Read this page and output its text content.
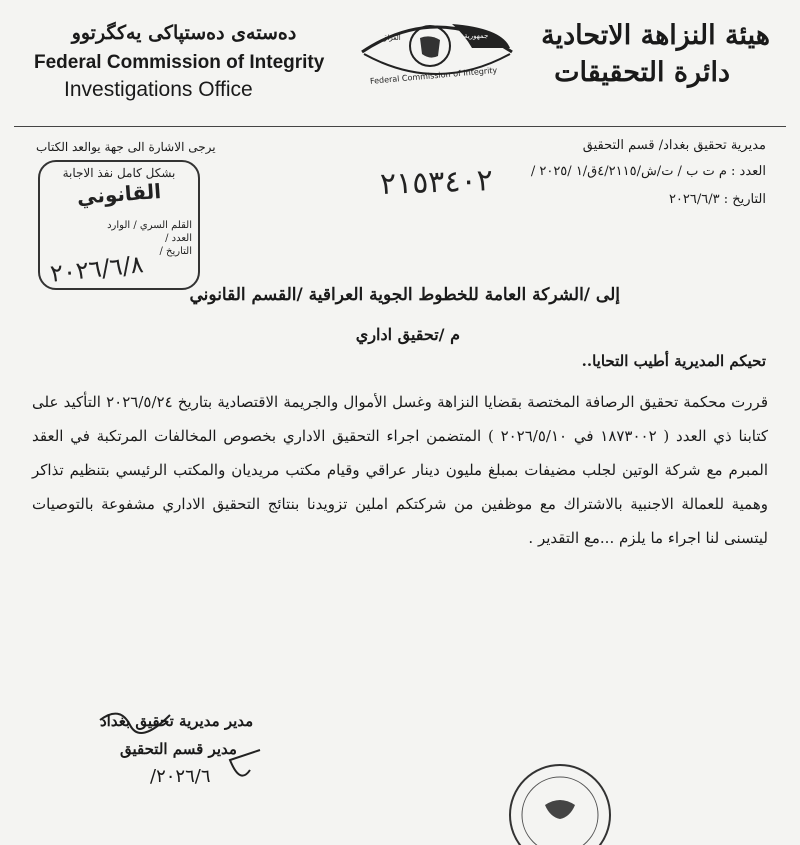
دەستەی دەستپاکی یەکگرتوو
Federal Commission of Integrity
Investigations Office
جمهورية
العراق
Federal Commission of Integrity
هيئة النزاهة الاتحادية
دائرة التحقيقات
مديرية تحقيق بغداد/ قسم التحقيق
العدد : م ت ب / ت/ش/٤/٢١١٥ق/١ /٢٠٢٥ /
التاريخ : ٢٠٢٦/٦/٣
يرجى الاشارة الى جهة يوالعد الكتاب
٢١٥٣٤٠٢
بشكل كامل نفذ الاجابة
القانوني
القلم السري / الوارد
العدد /
التاريخ /
٢٠٢٦/٦/٨
إلى /الشركة العامة للخطوط الجوية العراقية /القسم القانوني
م /تحقيق اداري
تحيكم المديرية أطيب التحايا..
قررت محكمة تحقيق الرصافة المختصة بقضايا النزاهة وغسل الأموال والجريمة الاقتصادية بتاريخ ٢٠٢٦/٥/٢٤ التأكيد على كتابنا ذي العدد ( ١٨٧٣٠٠٢ في ٢٠٢٦/٥/١٠ ) المتضمن اجراء التحقيق الاداري بخصوص المخالفات المرتكبة في العقد المبرم مع شركة الوتين لجلب مضيفات بمبلغ مليون دينار عراقي وقيام مكتب مريديان والمكتب الرئيسي بتنظيم تذاكر وهمية للعمالة الاجنبية بالاشتراك مع موظفين من شركتكم املين تزويدنا بنتائج التحقيق الاداري مشفوعة بالتوصيات ليتسنى لنا اجراء ما يلزم ...مع التقدير .
مدير مديرية تحقيق بغداد
مدير قسم التحقيق
٢٠٢٦/٦/
